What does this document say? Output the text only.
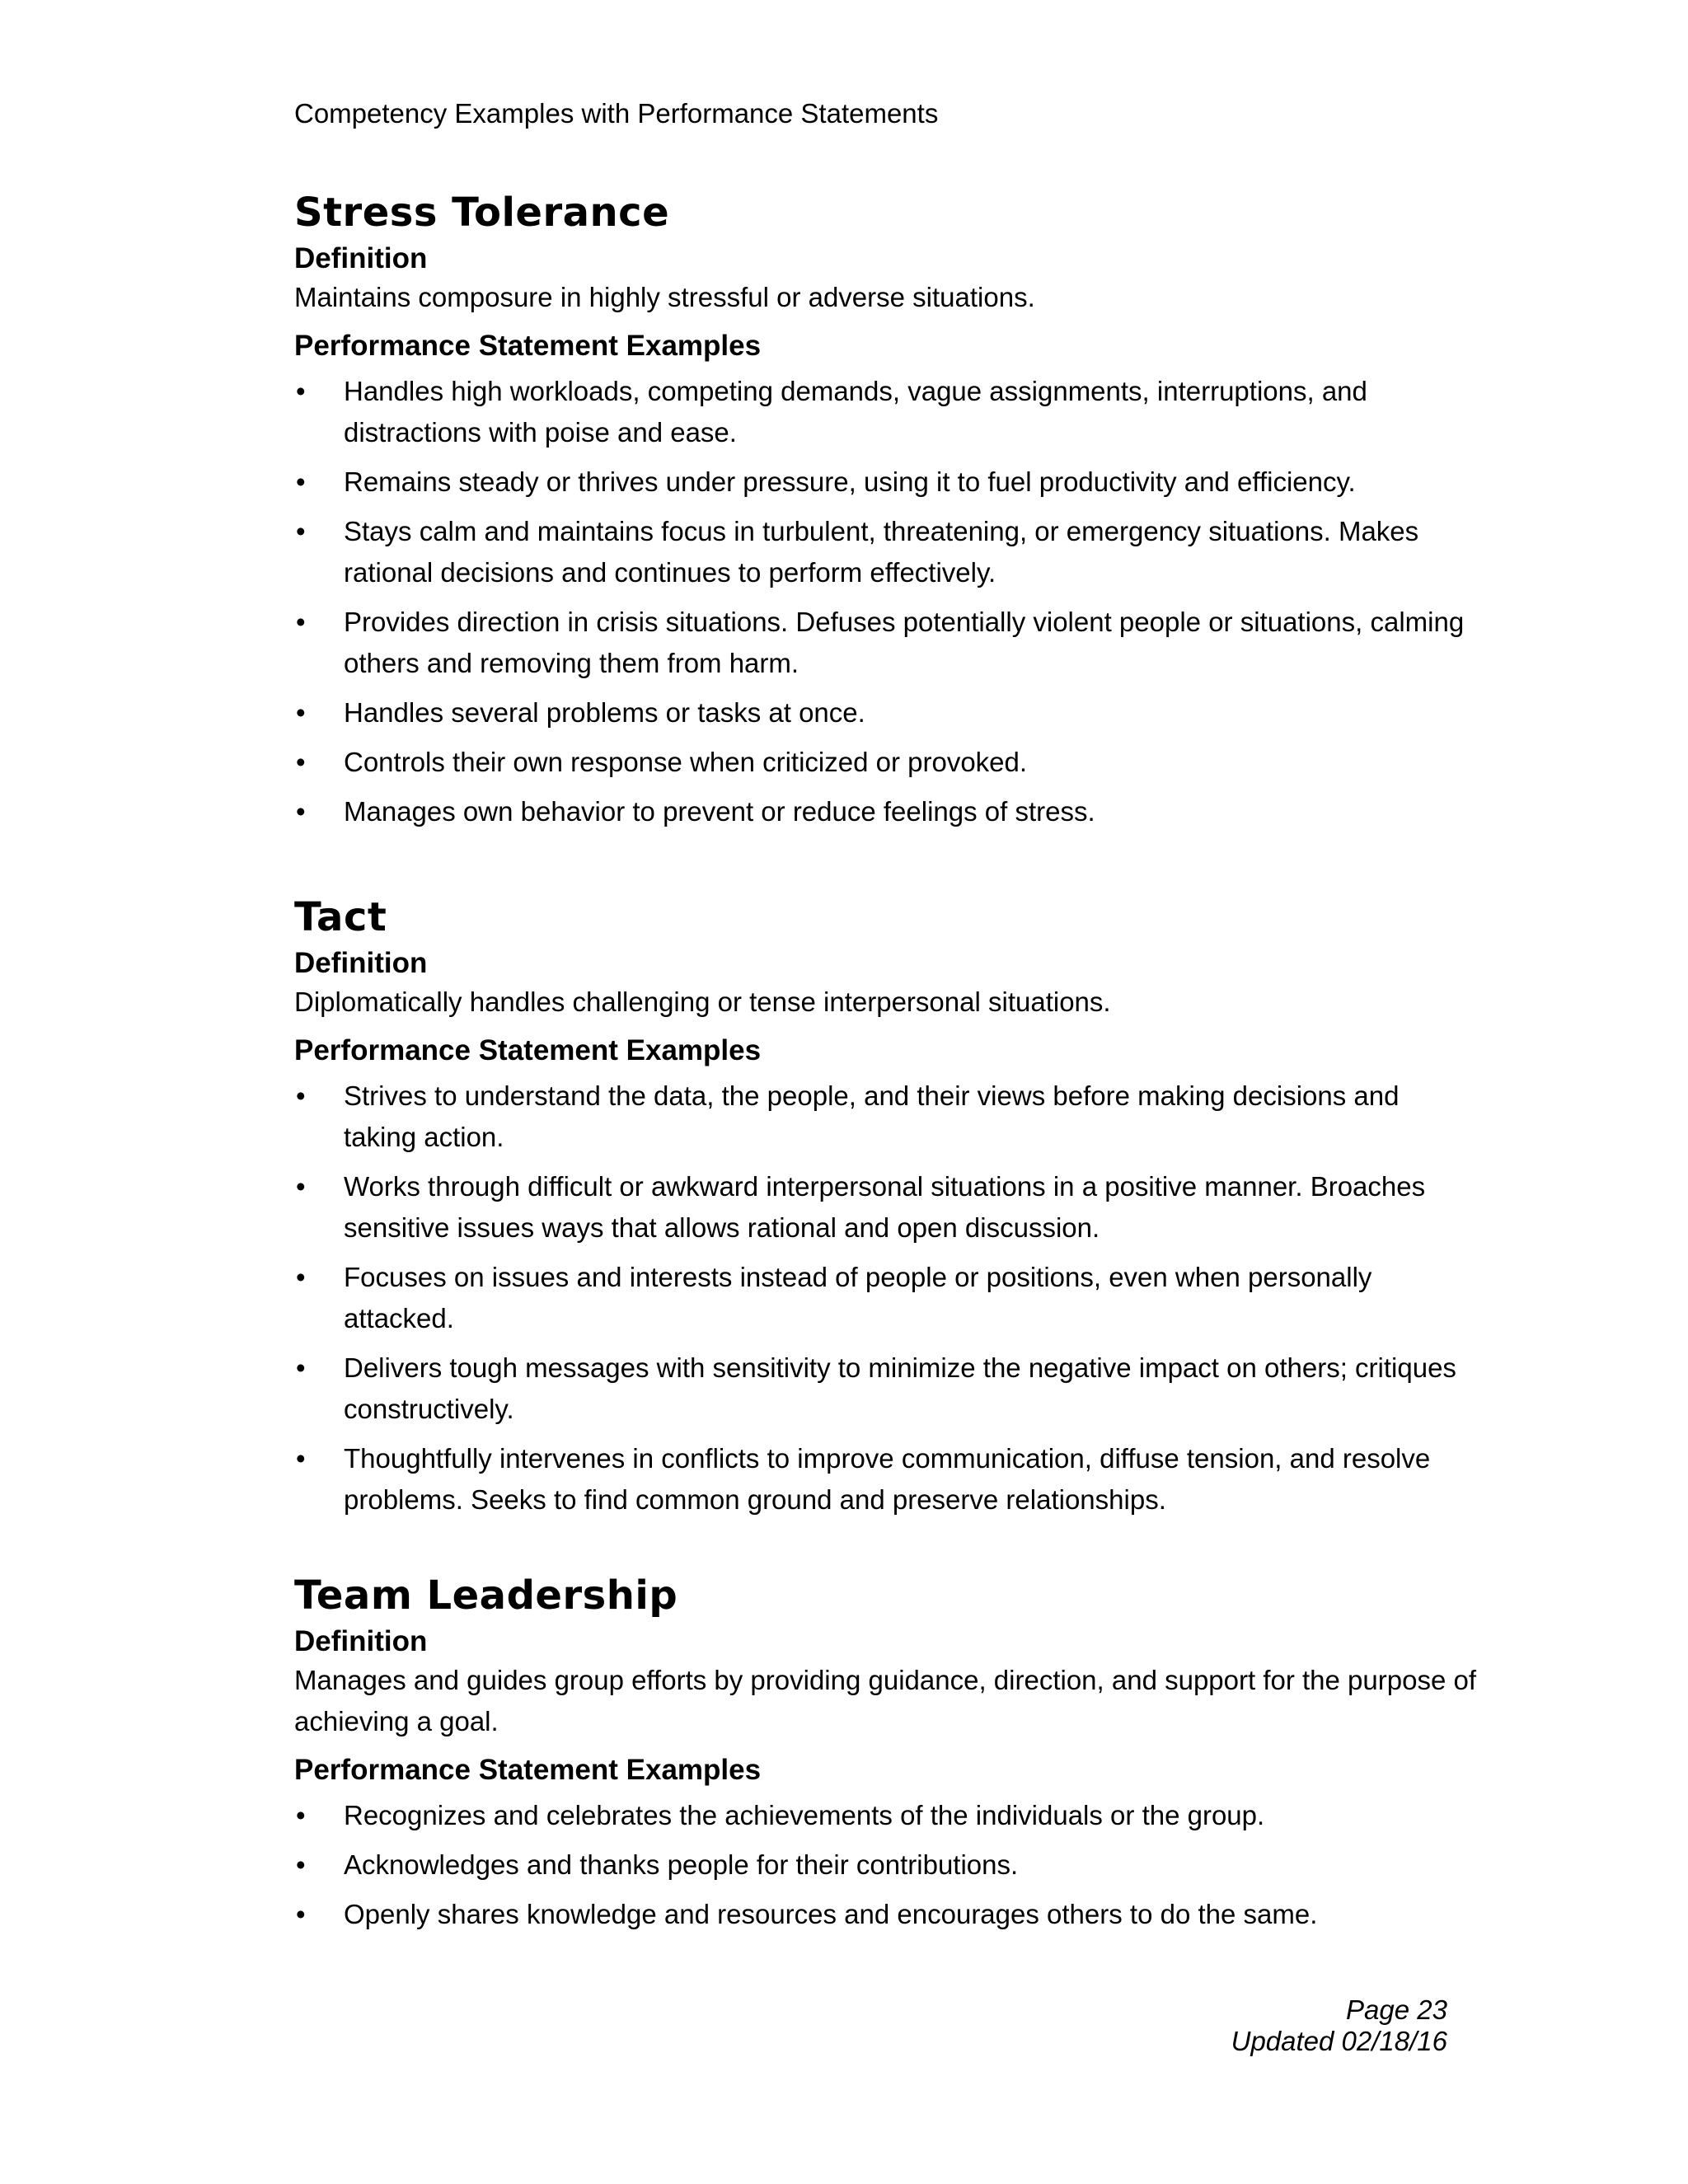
Competency Examples with Performance Statements
Stress Tolerance
Definition

Maintains composure in highly stressful or adverse situations.

Performance Statement Examples
•	Handles high workloads, competing demands, vague assignments, interruptions, and distractions with poise and ease.
•	Remains steady or thrives under pressure, using it to fuel productivity and efficiency.
•	Stays calm and maintains focus in turbulent, threatening, or emergency situations. Makes rational decisions and continues to perform effectively.
•	Provides direction in crisis situations. Defuses potentially violent people or situations, calming others and removing them from harm.
•	Handles several problems or tasks at once.
•	Controls their own response when criticized or provoked.
•	Manages own behavior to prevent or reduce feelings of stress.
Tact
Definition

Diplomatically handles challenging or tense interpersonal situations.

Performance Statement Examples
•	Strives to understand the data, the people, and their views before making decisions and taking action.
•	Works through difficult or awkward interpersonal situations in a positive manner. Broaches sensitive issues ways that allows rational and open discussion.
•	Focuses on issues and interests instead of people or positions, even when personally attacked.
•	Delivers tough messages with sensitivity to minimize the negative impact on others; critiques constructively.
•	Thoughtfully intervenes in conflicts to improve communication, diffuse tension, and resolve problems. Seeks to find common ground and preserve relationships.
Team Leadership
Definition

Manages and guides group efforts by providing guidance, direction, and support for the purpose of achieving a goal.

Performance Statement Examples
•	Recognizes and celebrates the achievements of the individuals or the group.
•	Acknowledges and thanks people for their contributions.
•	Openly shares knowledge and resources and encourages others to do the same.
Page 23
Updated 02/18/16
